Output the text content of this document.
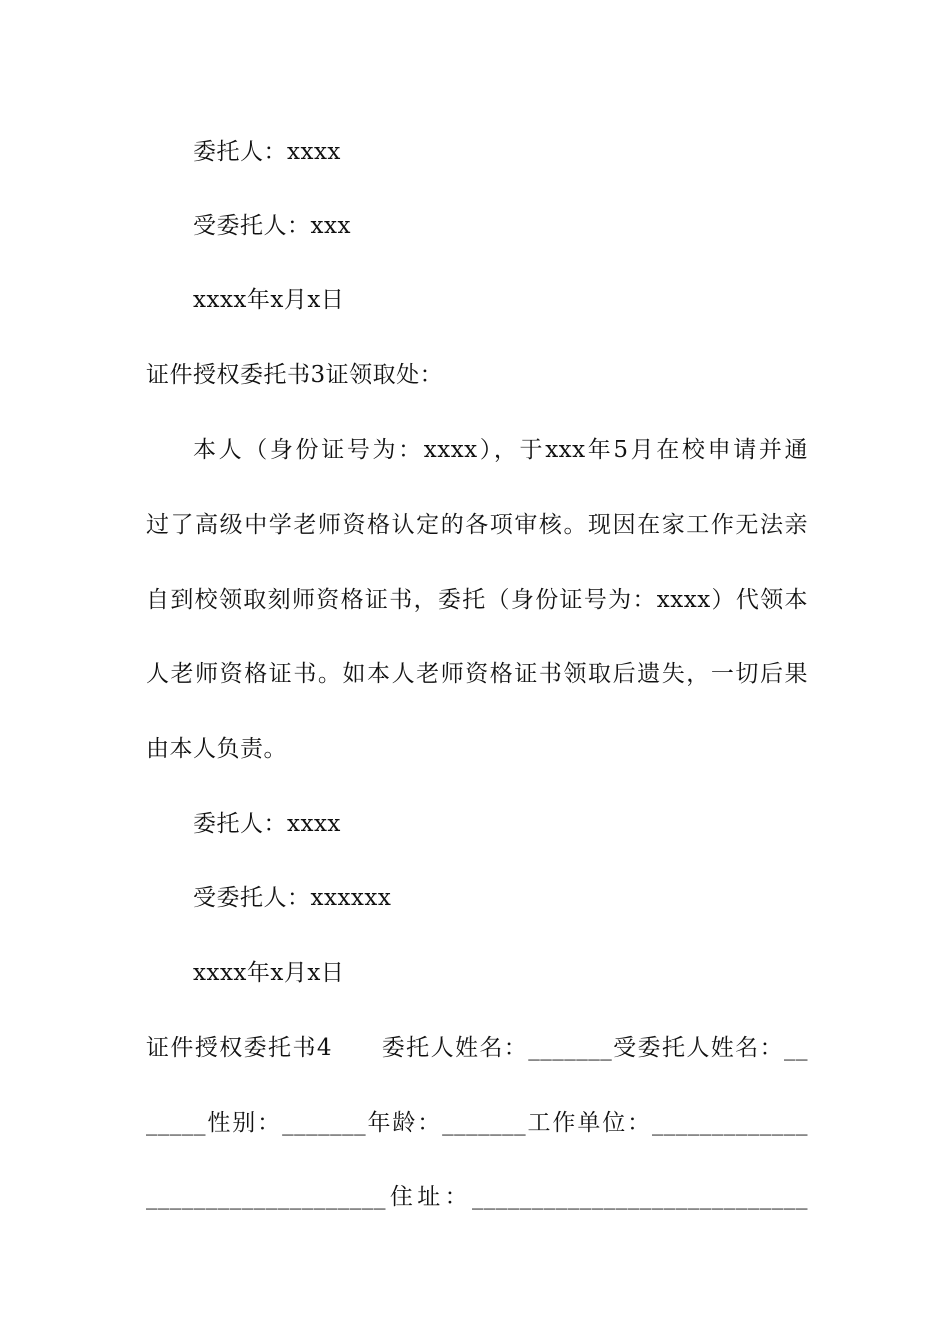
委托人：xxxx
受委托人：xxx
xxxx年x月x日
证件授权委托书3证领取处：
本人（身份证号为：xxxx），于xxx年5月在校申请并通
过了高级中学老师资格认定的各项审核。现因在家工作无法亲
自到校领取刻师资格证书，委托（身份证号为：xxxx）代领本
人老师资格证书。如本人老师资格证书领取后遗失，一切后果
由本人负责。
委托人：xxxx
受委托人：xxxxxx
xxxx年x月x日
证件授权委托书4　　委托人姓名：_______受委托人姓名：__
_____性别：_______年龄：_______工作单位：_____________
____________________住址：____________________________
